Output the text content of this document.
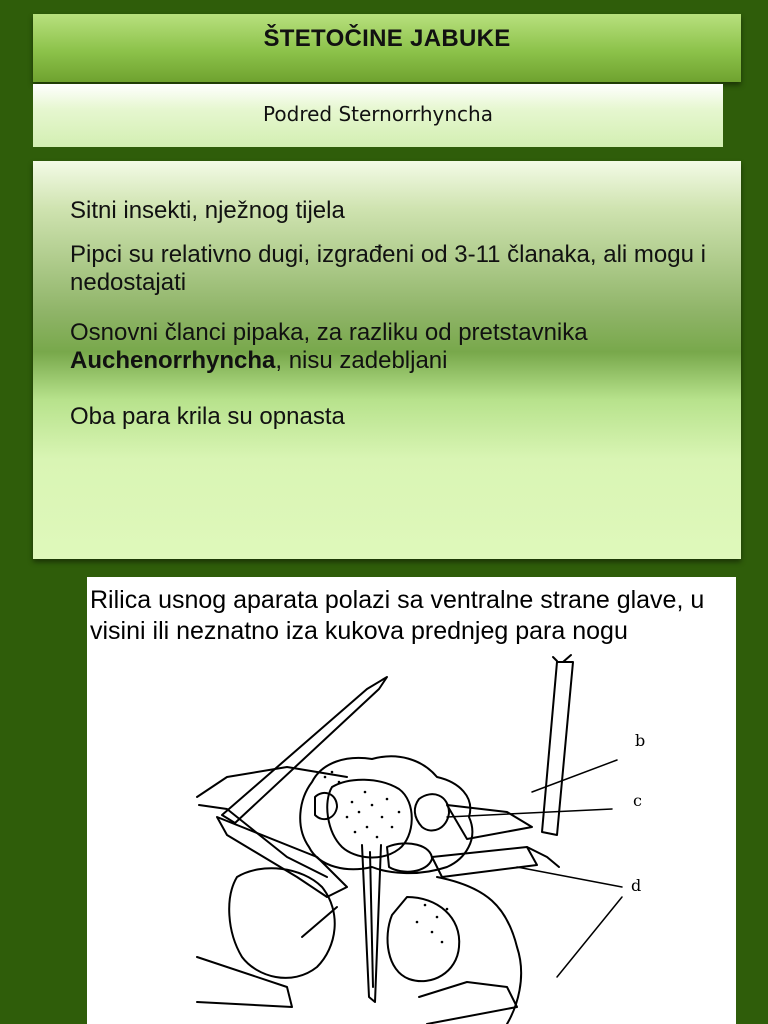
ŠTETOČINE JABUKE

Podred Sternorrhyncha

Sitni insekti, nježnog tijela
Pipci su relativno dugi, izgrađeni od 3-11 članaka, ali mogu i nedostajati
Osnovni članci pipaka, za razliku od pretstavnika Auchenorrhyncha, nisu zadebljani
Oba para krila su opnasta
Rilica usnog aparata polazi sa ventralne strane glave, u visini ili neznatno iza kukova prednjeg para nogu
b
c
d
